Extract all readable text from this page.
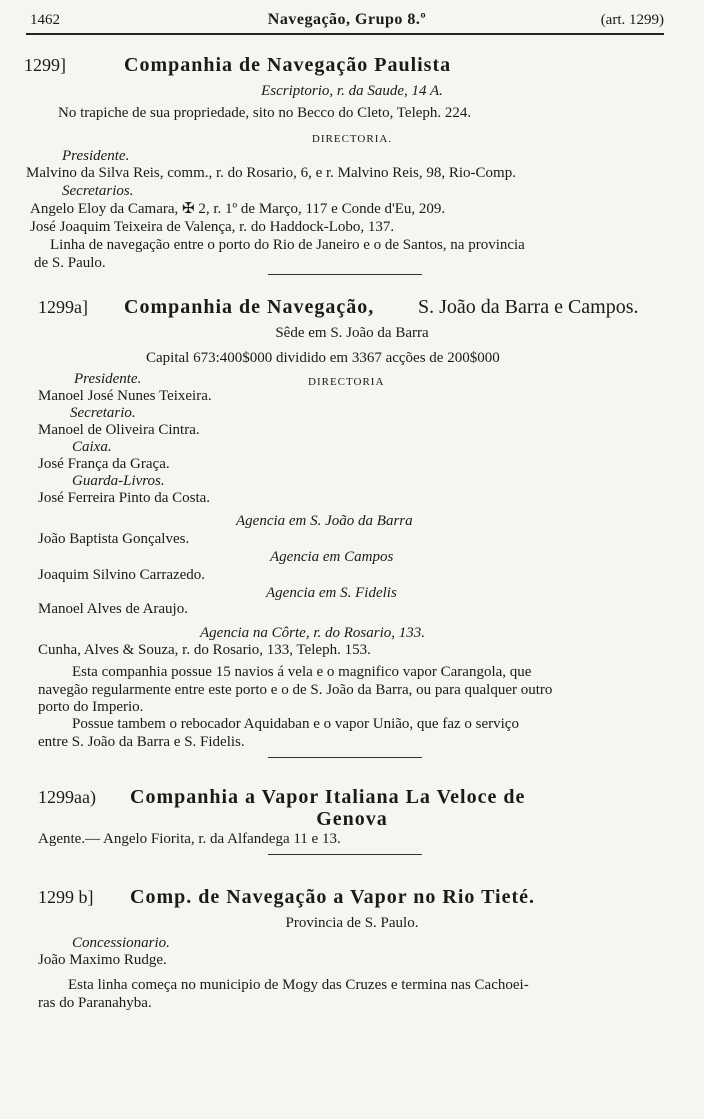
1462	Navegação, Grupo 8.º	(art. 1299)
1299]	Companhia de Navegação Paulista
Escriptorio, r. da Saude, 14 A.
No trapiche de sua propriedade, sito no Becco do Cleto, Teleph. 224.
DIRECTORIA.
Presidente.
Malvino da Silva Reis, comm., r. do Rosario, 6, e r. Malvino Reis, 98, Rio-Comp.
Secretarios.
Angelo Eloy da Camara, ✠ 2, r. 1º de Março, 117 e Conde d'Eu, 209.
José Joaquim Teixeira de Valença, r. do Haddock-Lobo, 137.
Linha de navegação entre o porto do Rio de Janeiro e o de Santos, na provincia
de S. Paulo.
1299a] Companhia de Navegação, S. João da Barra e Campos.
Sêde em S. João da Barra
Capital 673:400$000 dividido em 3367 acções de 200$000
Presidente.	DIRECTORIA
Manoel José Nunes Teixeira.
Secretario.
Manoel de Oliveira Cintra.
Caixa.
José França da Graça.
Guarda-Livros.
José Ferreira Pinto da Costa.
Agencia em S. João da Barra
João Baptista Gonçalves.
Agencia em Campos
Joaquim Silvino Carrazedo.
Agencia em S. Fidelis
Manoel Alves de Araujo.
Agencia na Côrte, r. do Rosario, 133.
Cunha, Alves & Souza, r. do Rosario, 133, Teleph. 153.
Esta companhia possue 15 navios á vela e o magnifico vapor Carangola, que
navegão regularmente entre este porto e o de S. João da Barra, ou para qualquer outro
porto do Imperio.
Possue tambem o rebocador Aquidaban e o vapor União, que faz o serviço
entre S. João da Barra e S. Fidelis.
1299aa) Companhia a Vapor Italiana La Veloce de
Genova
Agente.— Angelo Fiorita, r. da Alfandega 11 e 13.
1299 b] Comp. de Navegação a Vapor no Rio Tieté.
Provincia de S. Paulo.
Concessionario.
João Maximo Rudge.
Esta linha começa no municipio de Mogy das Cruzes e termina nas Cachoei-
ras do Paranahyba.
